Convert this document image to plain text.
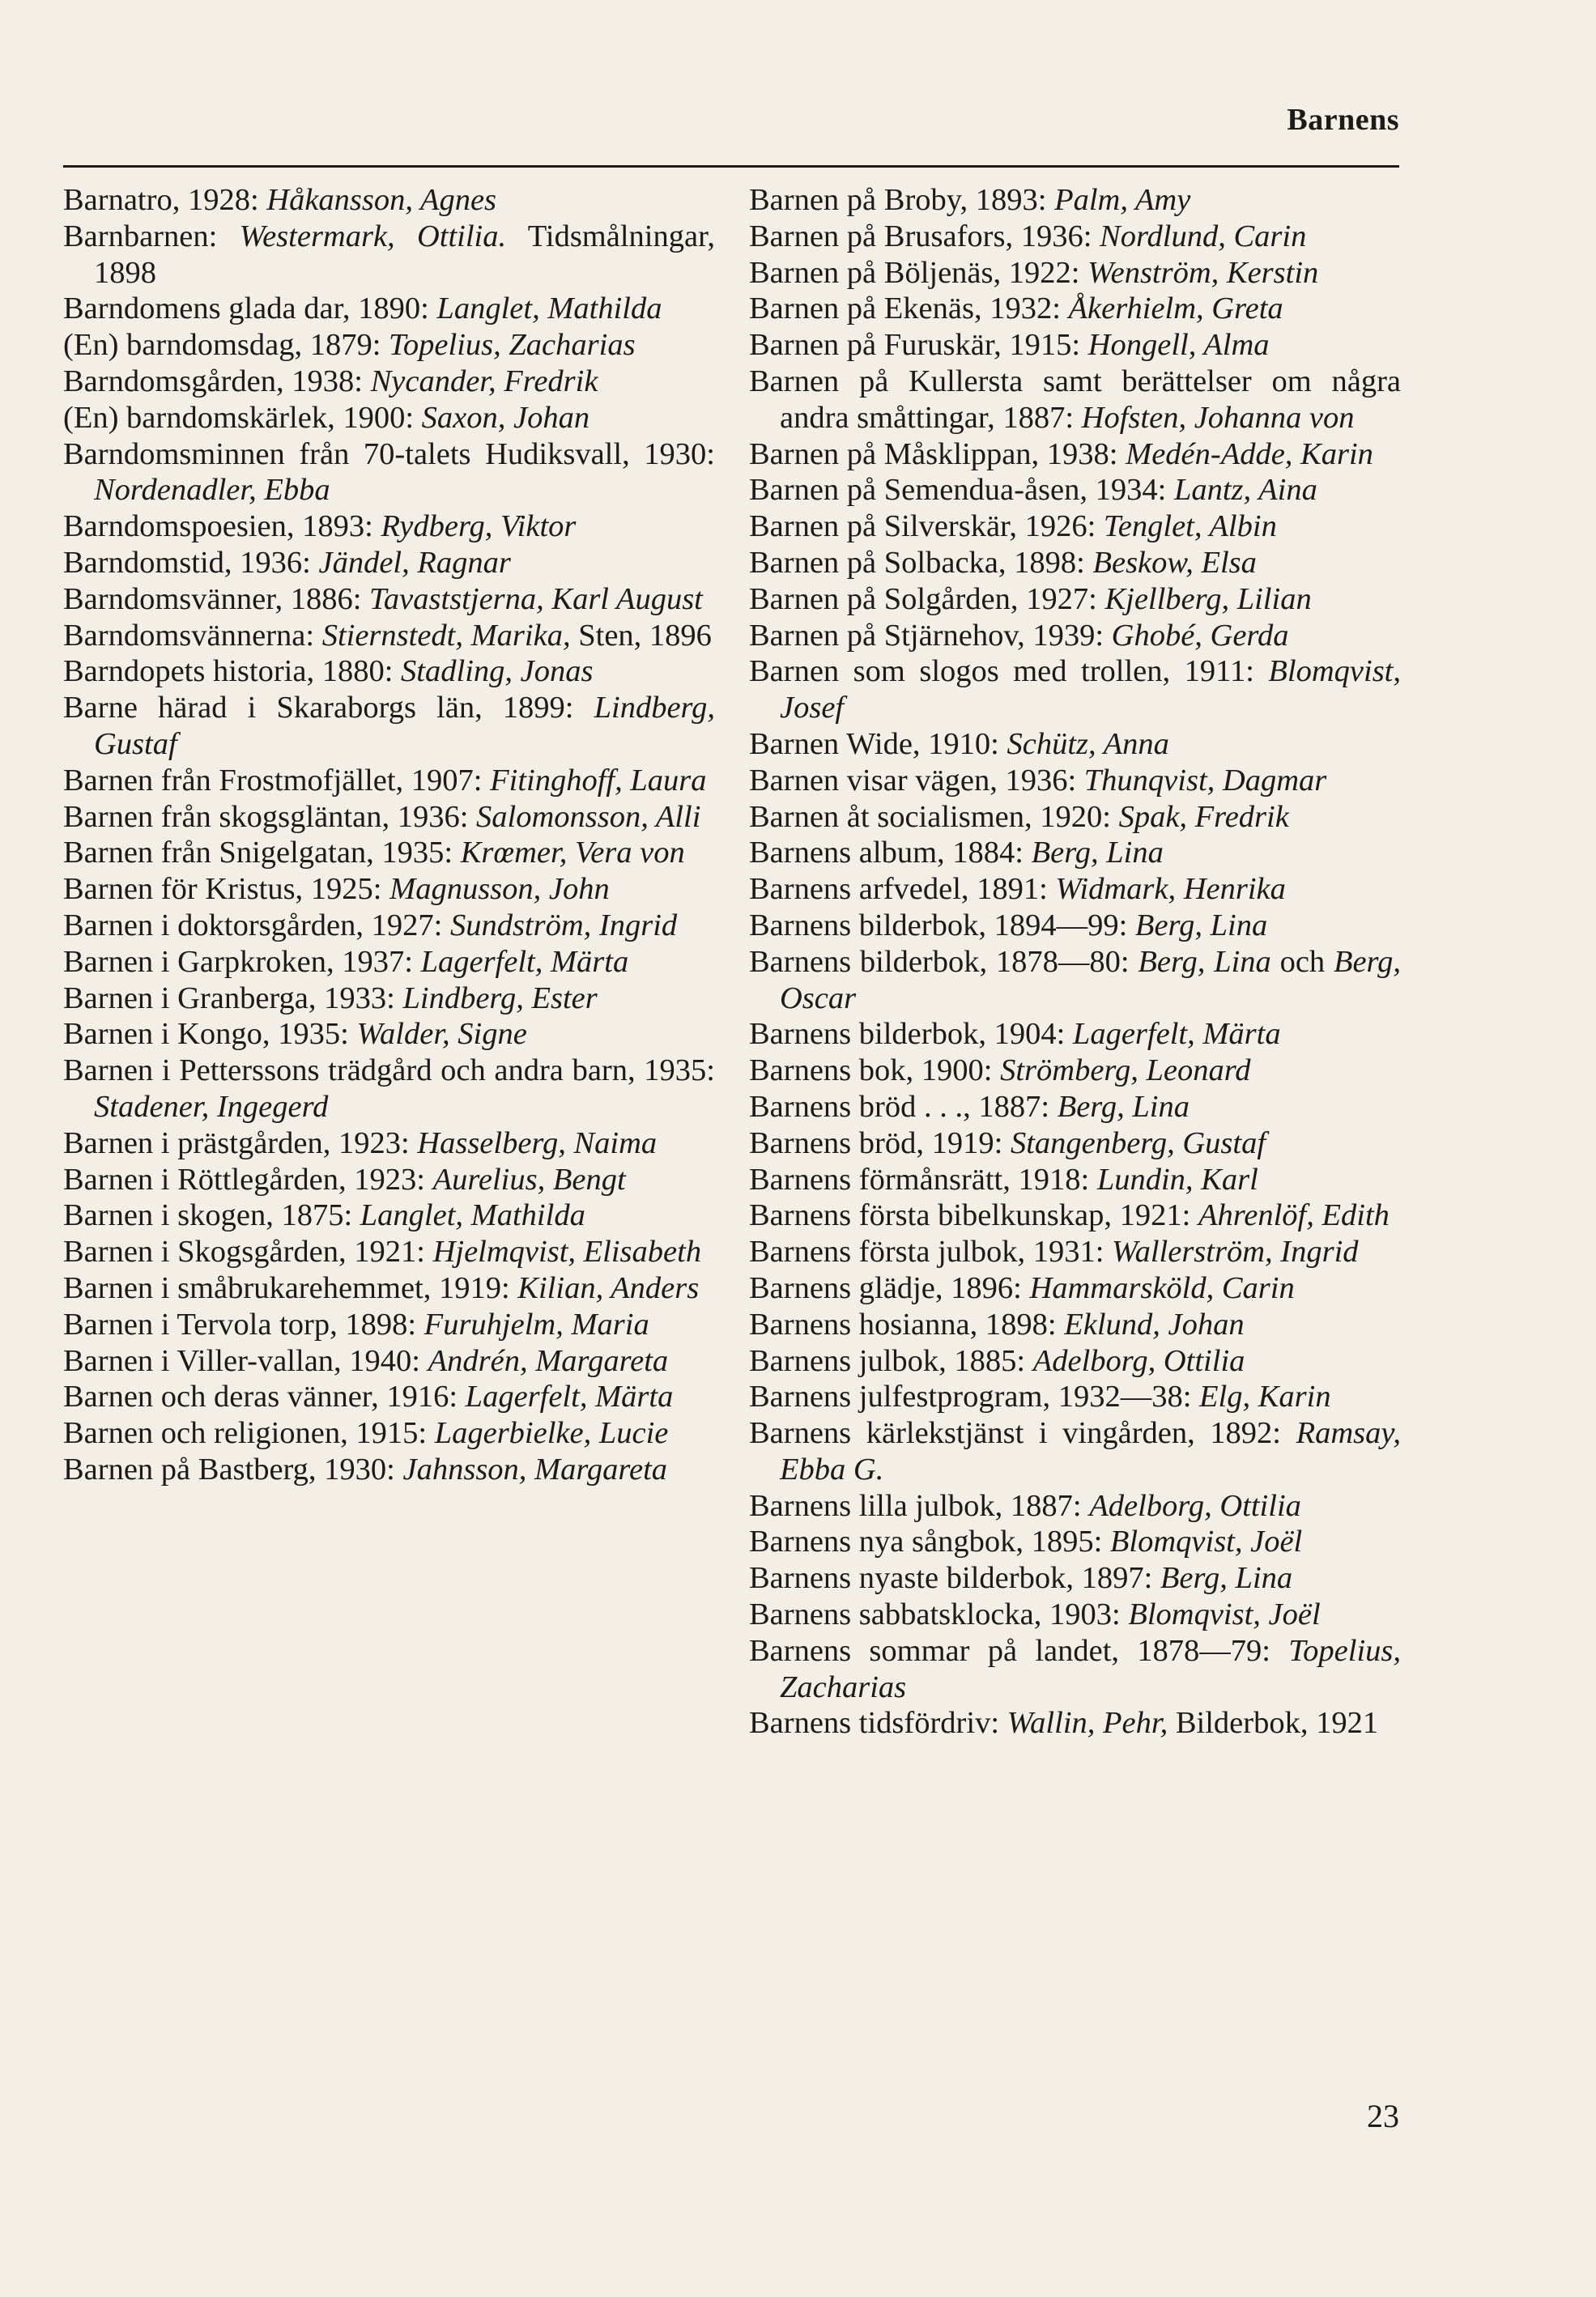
Barnens

Barnatro, 1928: Håkansson, Agnes

Barnbarnen: Westermark, Ottilia. Tidsmålningar, 1898

Barndomens glada dar, 1890: Langlet, Mathilda

(En) barndomsdag, 1879: Topelius, Zacharias

Barndomsgården, 1938: Nycander, Fredrik

(En) barndomskärlek, 1900: Saxon, Johan

Barndomsminnen från 70-talets Hudiksvall, 1930: Nordenadler, Ebba

Barndomspoesien, 1893: Rydberg, Viktor

Barndomstid, 1936: Jändel, Ragnar

Barndomsvänner, 1886: Tavaststjerna, Karl August

Barndomsvännerna: Stiernstedt, Marika, Sten, 1896

Barndopets historia, 1880: Stadling, Jonas

Barne härad i Skaraborgs län, 1899: Lindberg, Gustaf

Barnen från Frostmofjället, 1907: Fitinghoff, Laura

Barnen från skogsgläntan, 1936: Salomonsson, Alli

Barnen från Snigelgatan, 1935: Krœmer, Vera von

Barnen för Kristus, 1925: Magnusson, John

Barnen i doktorsgården, 1927: Sundström, Ingrid

Barnen i Garpkroken, 1937: Lagerfelt, Märta

Barnen i Granberga, 1933: Lindberg, Ester

Barnen i Kongo, 1935: Walder, Signe

Barnen i Petterssons trädgård och andra barn, 1935: Stadener, Ingegerd

Barnen i prästgården, 1923: Hasselberg, Naima

Barnen i Röttlegården, 1923: Aurelius, Bengt

Barnen i skogen, 1875: Langlet, Mathilda

Barnen i Skogsgården, 1921: Hjelmqvist, Elisabeth

Barnen i småbrukarehemmet, 1919: Kilian, Anders

Barnen i Tervola torp, 1898: Furuhjelm, Maria

Barnen i Viller-vallan, 1940: Andrén, Margareta

Barnen och deras vänner, 1916: Lagerfelt, Märta

Barnen och religionen, 1915: Lagerbielke, Lucie

Barnen på Bastberg, 1930: Jahnsson, Margareta

Barnen på Broby, 1893: Palm, Amy

Barnen på Brusafors, 1936: Nordlund, Carin

Barnen på Böljenäs, 1922: Wenström, Kerstin

Barnen på Ekenäs, 1932: Åkerhielm, Greta

Barnen på Furuskär, 1915: Hongell, Alma

Barnen på Kullersta samt berättelser om några andra småttingar, 1887: Hofsten, Johanna von

Barnen på Måsklippan, 1938: Medén-Adde, Karin

Barnen på Semendua-åsen, 1934: Lantz, Aina

Barnen på Silverskär, 1926: Tenglet, Albin

Barnen på Solbacka, 1898: Beskow, Elsa

Barnen på Solgården, 1927: Kjellberg, Lilian

Barnen på Stjärnehov, 1939: Ghobé, Gerda

Barnen som slogos med trollen, 1911: Blomqvist, Josef

Barnen Wide, 1910: Schütz, Anna

Barnen visar vägen, 1936: Thunqvist, Dagmar

Barnen åt socialismen, 1920: Spak, Fredrik

Barnens album, 1884: Berg, Lina

Barnens arfvedel, 1891: Widmark, Henrika

Barnens bilderbok, 1894—99: Berg, Lina

Barnens bilderbok, 1878—80: Berg, Lina och Berg, Oscar

Barnens bilderbok, 1904: Lagerfelt, Märta

Barnens bok, 1900: Strömberg, Leonard

Barnens bröd . . ., 1887: Berg, Lina

Barnens bröd, 1919: Stangenberg, Gustaf

Barnens förmånsrätt, 1918: Lundin, Karl

Barnens första bibelkunskap, 1921: Ahrenlöf, Edith

Barnens första julbok, 1931: Wallerström, Ingrid

Barnens glädje, 1896: Hammarsköld, Carin

Barnens hosianna, 1898: Eklund, Johan

Barnens julbok, 1885: Adelborg, Ottilia

Barnens julfestprogram, 1932—38: Elg, Karin

Barnens kärlekstjänst i vingården, 1892: Ramsay, Ebba G.

Barnens lilla julbok, 1887: Adelborg, Ottilia

Barnens nya sångbok, 1895: Blomqvist, Joël

Barnens nyaste bilderbok, 1897: Berg, Lina

Barnens sabbatsklocka, 1903: Blomqvist, Joël

Barnens sommar på landet, 1878—79: Topelius, Zacharias

Barnens tidsfördriv: Wallin, Pehr, Bilderbok, 1921

23
